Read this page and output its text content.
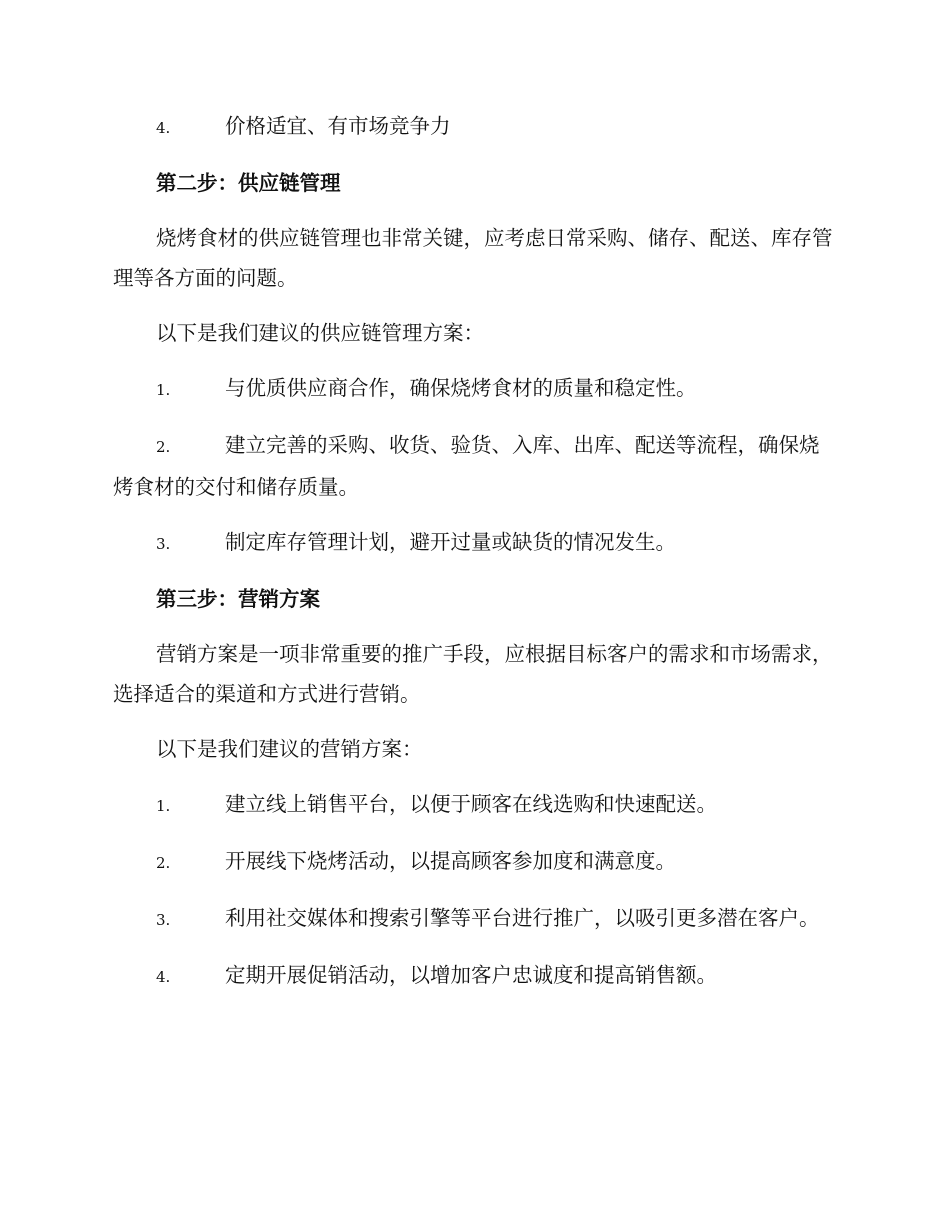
4.	价格适宜、有市场竞争力

第二步：供应链管理

烧烤食材的供应链管理也非常关键，应考虑日常采购、储存、配送、库存管理等各方面的问题。

以下是我们建议的供应链管理方案：

1.	与优质供应商合作，确保烧烤食材的质量和稳定性。

2.	建立完善的采购、收货、验货、入库、出库、配送等流程，确保烧烤食材的交付和储存质量。

3.	制定库存管理计划，避开过量或缺货的情况发生。

第三步：营销方案

营销方案是一项非常重要的推广手段，应根据目标客户的需求和市场需求，选择适合的渠道和方式进行营销。

以下是我们建议的营销方案：

1.	建立线上销售平台，以便于顾客在线选购和快速配送。

2.	开展线下烧烤活动，以提高顾客参加度和满意度。

3.	利用社交媒体和搜索引擎等平台进行推广，以吸引更多潜在客户。

4.	定期开展促销活动，以增加客户忠诚度和提高销售额。
